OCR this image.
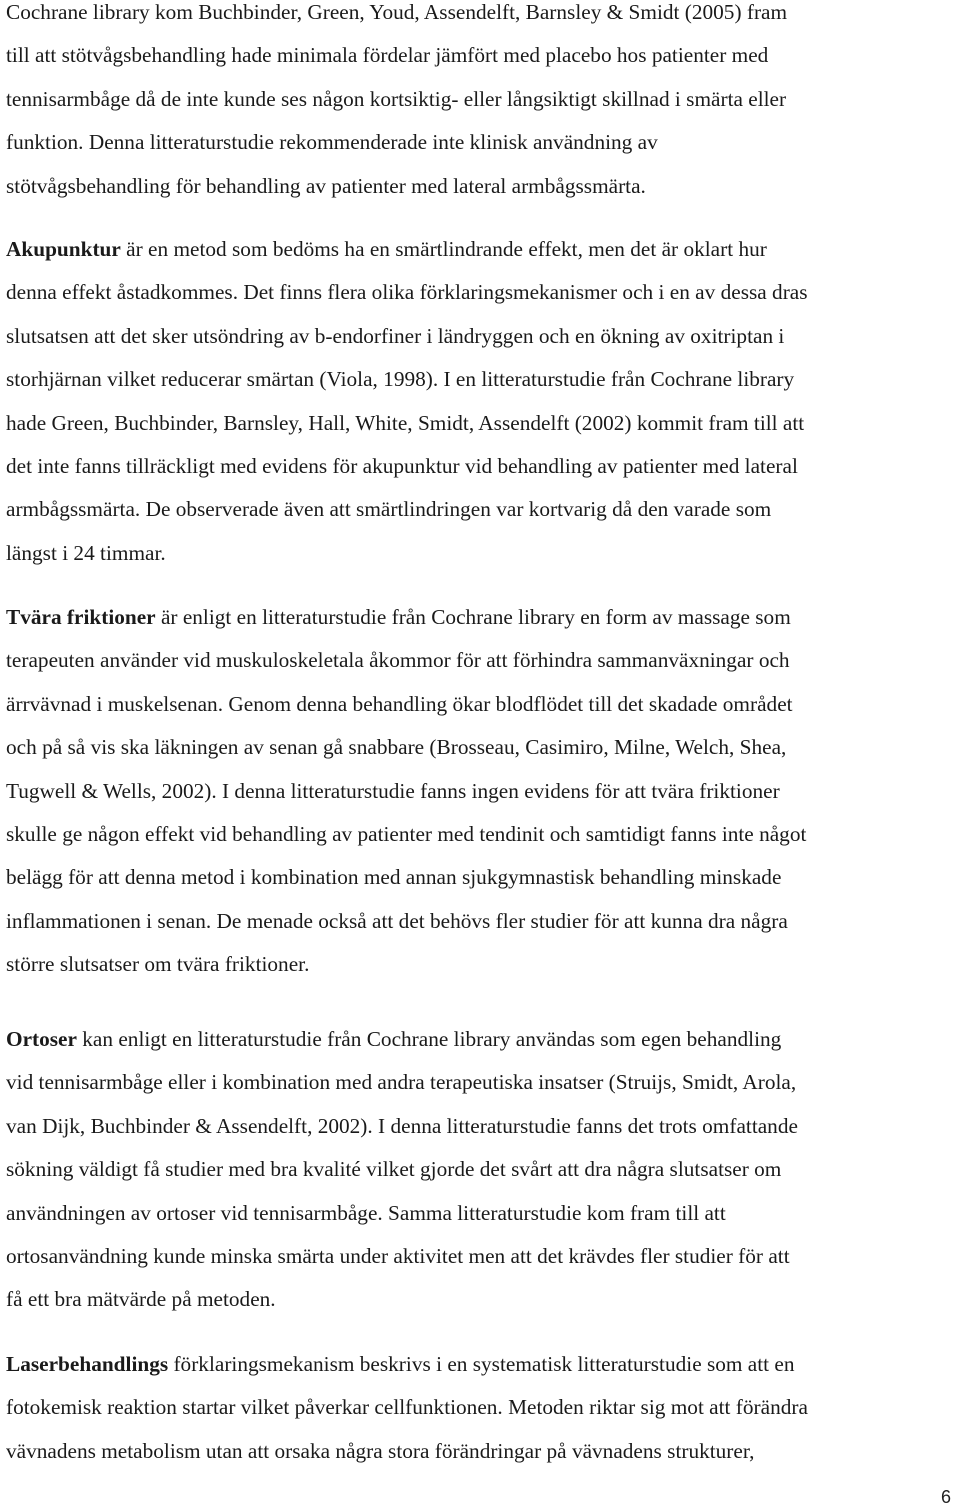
Cochrane library kom Buchbinder, Green, Youd, Assendelft, Barnsley & Smidt (2005) fram
till att stötvågsbehandling hade minimala fördelar jämfört med placebo hos patienter med
tennisarmbåge då de inte kunde ses någon kortsiktig- eller långsiktigt skillnad i smärta eller
funktion. Denna litteraturstudie rekommenderade inte klinisk användning av
stötvågsbehandling för behandling av patienter med lateral armbågssmärta.
Akupunktur är en metod som bedöms ha en smärtlindrande effekt, men det är oklart hur
denna effekt åstadkommes. Det finns flera olika förklaringsmekanismer och i en av dessa dras
slutsatsen att det sker utsöndring av b-endorfiner i ländryggen och en ökning av oxitriptan i
storhjärnan vilket reducerar smärtan (Viola, 1998). I en litteraturstudie från Cochrane library
hade Green, Buchbinder, Barnsley, Hall, White, Smidt, Assendelft (2002) kommit fram till att
det inte fanns tillräckligt med evidens för akupunktur vid behandling av patienter med lateral
armbågssmärta. De observerade även att smärtlindringen var kortvarig då den varade som
längst i 24 timmar.
Tvära friktioner är enligt en litteraturstudie från Cochrane library en form av massage som
terapeuten använder vid muskuloskeletala åkommor för att förhindra sammanväxningar och
ärrvävnad i muskelsenan. Genom denna behandling ökar blodflödet till det skadade området
och på så vis ska läkningen av senan gå snabbare (Brosseau, Casimiro, Milne, Welch, Shea,
Tugwell & Wells, 2002). I denna litteraturstudie fanns ingen evidens för att tvära friktioner
skulle ge någon effekt vid behandling av patienter med tendinit och samtidigt fanns inte något
belägg för att denna metod i kombination med annan sjukgymnastisk behandling minskade
inflammationen i senan. De menade också att det behövs fler studier för att kunna dra några
större slutsatser om tvära friktioner.
Ortoser kan enligt en litteraturstudie från Cochrane library användas som egen behandling
vid tennisarmbåge eller i kombination med andra terapeutiska insatser (Struijs, Smidt, Arola,
van Dijk, Buchbinder & Assendelft, 2002). I denna litteraturstudie fanns det trots omfattande
sökning väldigt få studier med bra kvalité vilket gjorde det svårt att dra några slutsatser om
användningen av ortoser vid tennisarmbåge. Samma litteraturstudie kom fram till att
ortosanvändning kunde minska smärta under aktivitet men att det krävdes fler studier för att
få ett bra mätvärde på metoden.
Laserbehandlings förklaringsmekanism beskrivs i en systematisk litteraturstudie som att en
fotokemisk reaktion startar vilket påverkar cellfunktionen. Metoden riktar sig mot att förändra
vävnadens metabolism utan att orsaka några stora förändringar på vävnadens strukturer,
6
